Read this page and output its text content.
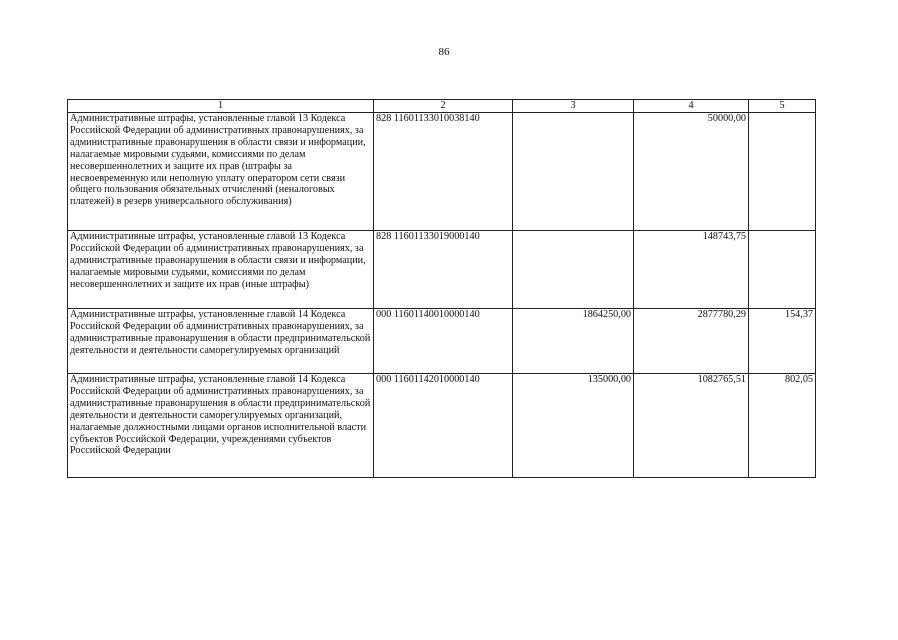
86
1	2	3	4	5
Административные штрафы, установленные главой 13 Кодекса Российской Федерации об административных правонарушениях, за административные правонарушения в области связи и информации, налагаемые мировыми судьями, комиссиями по делам несовершеннолетних и защите их прав (штрафы за несвоевременную или неполную уплату оператором сети связи общего пользования обязательных отчислений (неналоговых платежей) в резерв универсального обслуживания)	828 11601133010038140		50000,00	
Административные штрафы, установленные главой 13 Кодекса Российской Федерации об административных правонарушениях, за административные правонарушения в области связи и информации, налагаемые мировыми судьями, комиссиями по делам несовершеннолетних и защите их прав (иные штрафы)	828 11601133019000140		148743,75	
Административные штрафы, установленные главой 14 Кодекса Российской Федерации об административных правонарушениях, за административные правонарушения в области предпринимательской деятельности и деятельности саморегулируемых организаций	000 11601140010000140	1864250,00	2877780,29	154,37
Административные штрафы, установленные главой 14 Кодекса Российской Федерации об административных правонарушениях, за административные правонарушения в области предпринимательской деятельности и деятельности саморегулируемых организаций, налагаемые должностными лицами органов исполнительной власти субъектов Российской Федерации, учреждениями субъектов Российской Федерации	000 11601142010000140	135000,00	1082765,51	802,05
